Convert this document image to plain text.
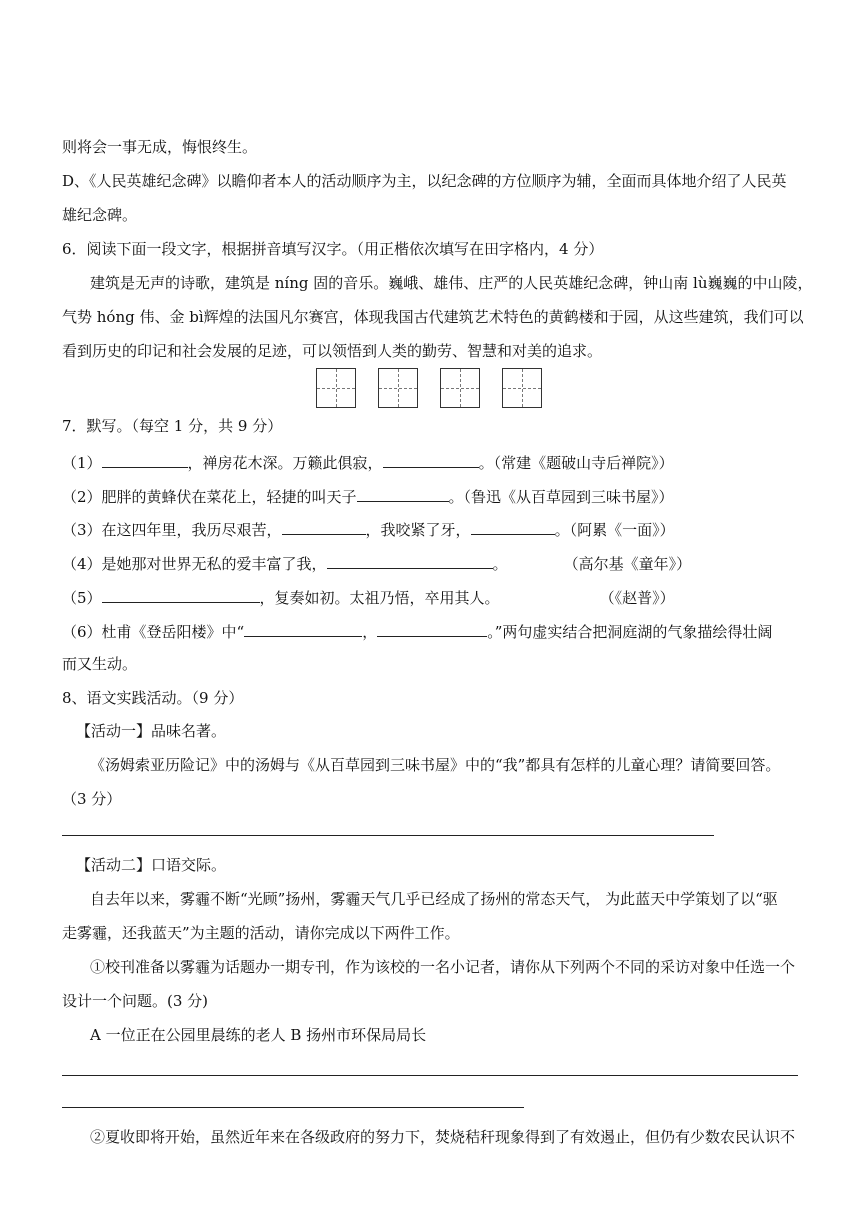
则将会一事无成，悔恨终生。
D、《人民英雄纪念碑》以瞻仰者本人的活动顺序为主，以纪念碑的方位顺序为辅，全面而具体地介绍了人民英
雄纪念碑。
6．阅读下面一段文字，根据拼音填写汉字。（用正楷依次填写在田字格内，4 分）
建筑是无声的诗歌，建筑是 níng 固的音乐。巍峨、雄伟、庄严的人民英雄纪念碑，钟山南 lù巍巍的中山陵，
气势 hóng 伟、金 bì辉煌的法国凡尔赛宫，体现我国古代建筑艺术特色的黄鹤楼和于园，从这些建筑，我们可以
看到历史的印记和社会发展的足迹，可以领悟到人类的勤劳、智慧和对美的追求。
7．默写。（每空 1 分，共 9 分）
（1）	，禅房花木深。万籁此俱寂，	。（常建《题破山寺后禅院》）
（2）肥胖的黄蜂伏在菜花上，轻捷的叫天子	。（鲁迅《从百草园到三味书屋》）
（3）在这四年里，我历尽艰苦，	，我咬紧了牙，	。（阿累《一面》）
（4）是她那对世界无私的爱丰富了我，	。	（高尔基《童年》）
（5）	，复奏如初。太祖乃悟，卒用其人。	（《赵普》）
（6）杜甫《登岳阳楼》中“	，	。”两句虚实结合把洞庭湖的气象描绘得壮阔
而又生动。
8、语文实践活动。（9 分）
【活动一】品味名著。
《汤姆索亚历险记》中的汤姆与《从百草园到三味书屋》中的“我”都具有怎样的儿童心理？请简要回答。
（3 分）
【活动二】口语交际。
自去年以来，雾霾不断“光顾”扬州，雾霾天气几乎已经成了扬州的常态天气， 为此蓝天中学策划了以“驱
走雾霾，还我蓝天”为主题的活动，请你完成以下两件工作。
①校刊准备以雾霾为话题办一期专刊，作为该校的一名小记者，请你从下列两个不同的采访对象中任选一个
设计一个问题。(3 分)
A 一位正在公园里晨练的老人 B 扬州市环保局局长
②夏收即将开始，虽然近年来在各级政府的努力下，焚烧秸秆现象得到了有效遏止，但仍有少数农民认识不
